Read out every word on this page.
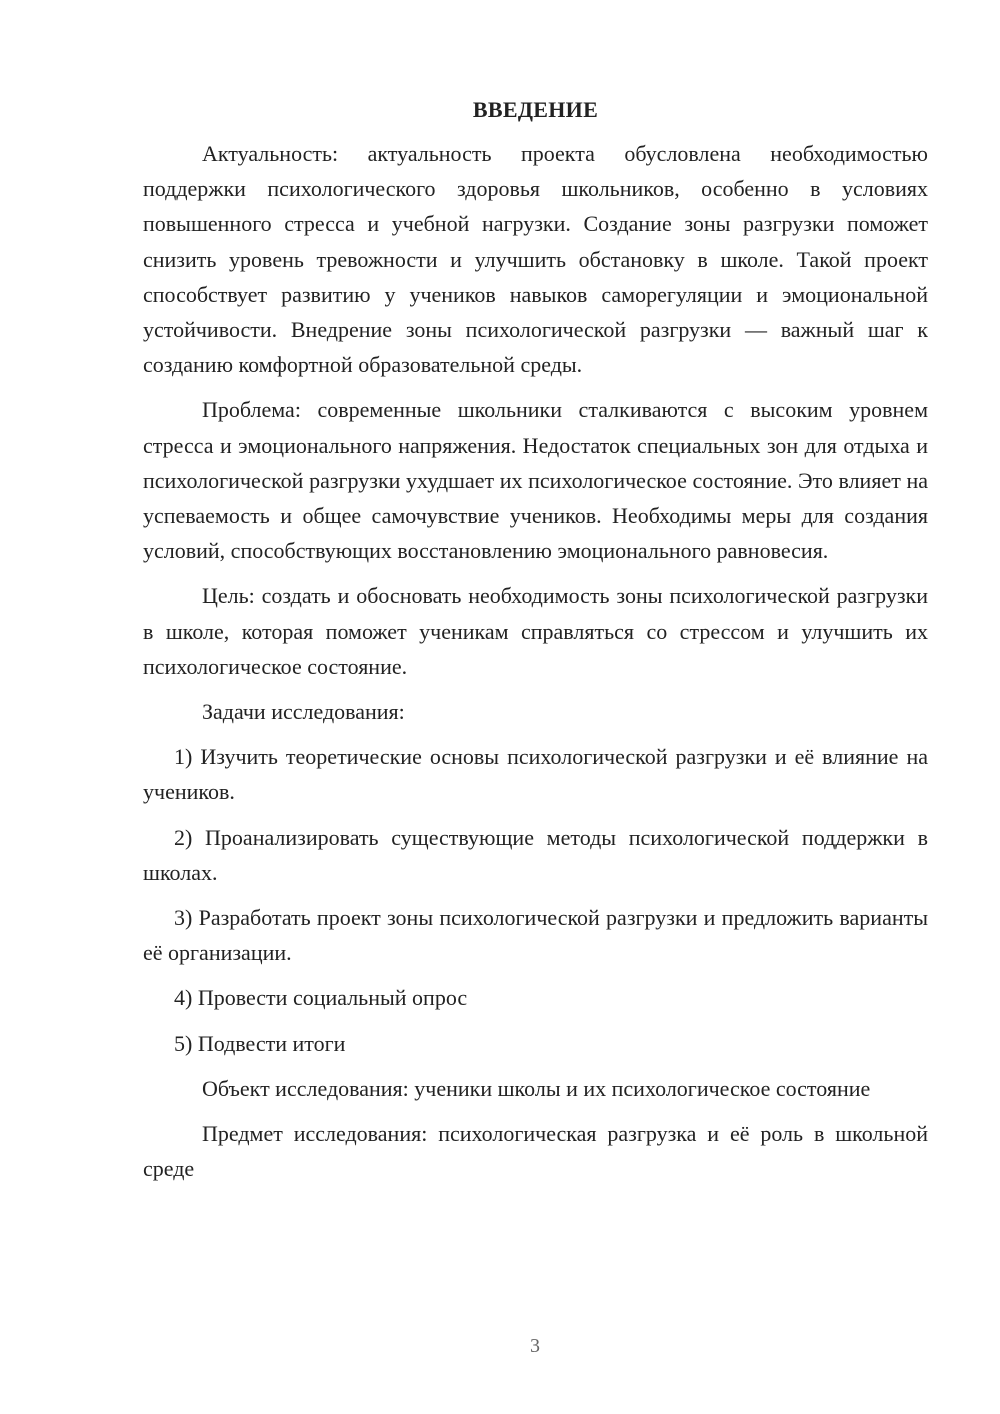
ВВЕДЕНИЕ

Актуальность: актуальность проекта обусловлена необходимостью поддержки психологического здоровья школьников, особенно в условиях повышенного стресса и учебной нагрузки. Создание зоны разгрузки поможет снизить уровень тревожности и улучшить обстановку в школе. Такой проект способствует развитию у учеников навыков саморегуляции и эмоциональной устойчивости. Внедрение зоны психологической разгрузки — важный шаг к созданию комфортной образовательной среды.

Проблема: современные школьники сталкиваются с высоким уровнем стресса и эмоционального напряжения. Недостаток специальных зон для отдыха и психологической разгрузки ухудшает их психологическое состояние. Это влияет на успеваемость и общее самочувствие учеников. Необходимы меры для создания условий, способствующих восстановлению эмоционального равновесия.

Цель: создать и обосновать необходимость зоны психологической разгрузки в школе, которая поможет ученикам справляться со стрессом и улучшить их психологическое состояние.

Задачи исследования:

1) Изучить теоретические основы психологической разгрузки и её влияние на учеников.

2) Проанализировать существующие методы психологической поддержки в школах.

3) Разработать проект зоны психологической разгрузки и предложить варианты её организации.

4) Провести социальный опрос

5) Подвести итоги

Объект исследования: ученики школы и их психологическое состояние

Предмет исследования: психологическая разгрузка и её роль в школьной среде

3
